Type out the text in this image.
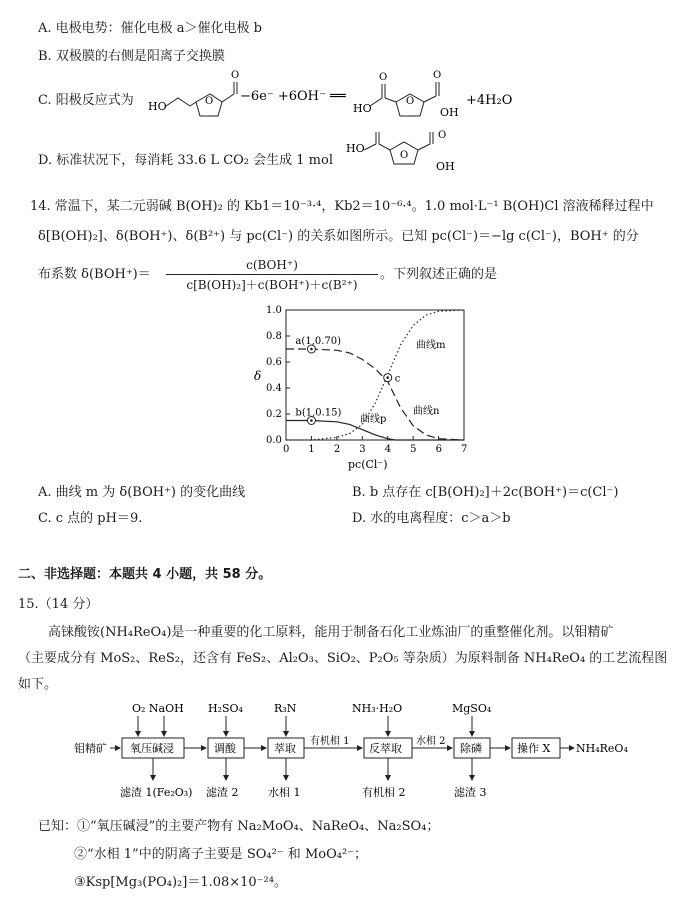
A. 电极电势：催化电极 a＞催化电极 b
B. 双极膜的右侧是阳离子交换膜
C. 阳极反应式为 HO	O
O
−6e⁻ +6OH⁻ ══
HO
O
O
O
OH
+4H₂O
D. 标准状况下，每消耗 33.6 L CO₂ 会生成 1 mol
HO
O
OH
O
14. 常温下，某二元弱碱 B(OH)₂ 的 Kb1＝10⁻³·⁴，Kb2＝10⁻⁶·⁴。1.0 mol·L⁻¹ B(OH)Cl 溶液稀释过程中
δ[B(OH)₂]、δ(BOH⁺)、δ(B²⁺) 与 pc(Cl⁻) 的关系如图所示。已知 pc(Cl⁻)＝−lg c(Cl⁻)，BOH⁺ 的分
布系数 δ(BOH⁺)＝
c(BOH⁺)
c[B(OH)₂]＋c(BOH⁺)＋c(B²⁺)
。下列叙述正确的是
0 1 2 3 4 5 6 7
0.0
0.2
0.4
0.6
0.8
1.0
a(1,0.70)
b(1,0.15)
c
pc(Cl⁻)
δ
曲线m
曲线n
曲线p
A. 曲线 m 为 δ(BOH⁺) 的变化曲线	B. b 点存在 c[B(OH)₂]＋2c(BOH⁺)＝c(Cl⁻)
C. c 点的 pH＝9.	D. 水的电离程度：c＞a＞b
二、非选择题：本题共 4 小题，共 58 分。
15.（14 分）
高铼酸铵(NH₄ReO₄)是一种重要的化工原料，能用于制备石化工业炼油厂的重整催化剂。以钼精矿
（主要成分有 MoS₂、ReS₂，还含有 FeS₂、Al₂O₃、SiO₂、P₂O₅ 等杂质）为原料制备 NH₄ReO₄ 的工艺流程图
如下。
钼精矿 氧压碱浸	调酸	萃取
有机相 1
反萃取
水相 2
除磷	操作 X NH₄ReO₄
O₂ NaOH H₂SO₄	R₃N	NH₃·H₂O	MgSO₄
滤渣 1(Fe₂O₃) 滤渣 2	水相 1	有机相 2	滤渣 3
已知：①“氧压碱浸”的主要产物有 Na₂MoO₄、NaReO₄、Na₂SO₄；
②“水相 1”中的阴离子主要是 SO₄²⁻ 和 MoO₄²⁻；
③Ksp[Mg₃(PO₄)₂]＝1.08×10⁻²⁴。
